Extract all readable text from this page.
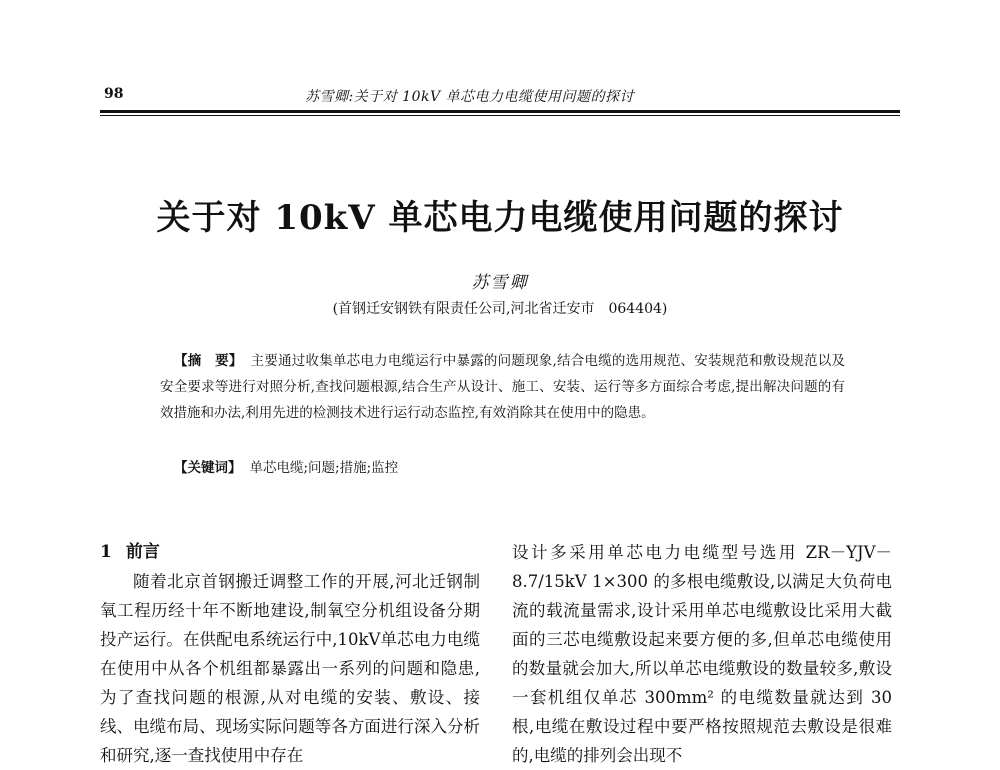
98	苏雪卿:关于对 10kV 单芯电力电缆使用问题的探讨
关于对 10kV 单芯电力电缆使用问题的探讨
苏雪卿
(首钢迁安钢铁有限责任公司,河北省迁安市　064404)
【摘　要】 主要通过收集单芯电力电缆运行中暴露的问题现象,结合电缆的选用规范、安装规范和敷设规范以及安全要求等进行对照分析,查找问题根源,结合生产从设计、施工、安装、运行等多方面综合考虑,提出解决问题的有效措施和办法,利用先进的检测技术进行运行动态监控,有效消除其在使用中的隐患。
【关键词】 单芯电缆;问题;措施;监控

1 前言

随着北京首钢搬迁调整工作的开展,河北迁钢制氧工程历经十年不断地建设,制氧空分机组设备分期投产运行。在供配电系统运行中,10kV单芯电力电缆在使用中从各个机组都暴露出一系列的问题和隐患,为了查找问题的根源,从对电缆的安装、敷设、接线、电缆布局、现场实际问题等各方面进行深入分析和研究,逐一查找使用中存在

设计多采用单芯电力电缆型号选用 ZR－YJV－8.7/15kV 1×300 的多根电缆敷设,以满足大负荷电流的载流量需求,设计采用单芯电缆敷设比采用大截面的三芯电缆敷设起来要方便的多,但单芯电缆使用的数量就会加大,所以单芯电缆敷设的数量较多,敷设一套机组仅单芯 300mm² 的电缆数量就达到 30 根,电缆在敷设过程中要严格按照规范去敷设是很难的,电缆的排列会出现不
